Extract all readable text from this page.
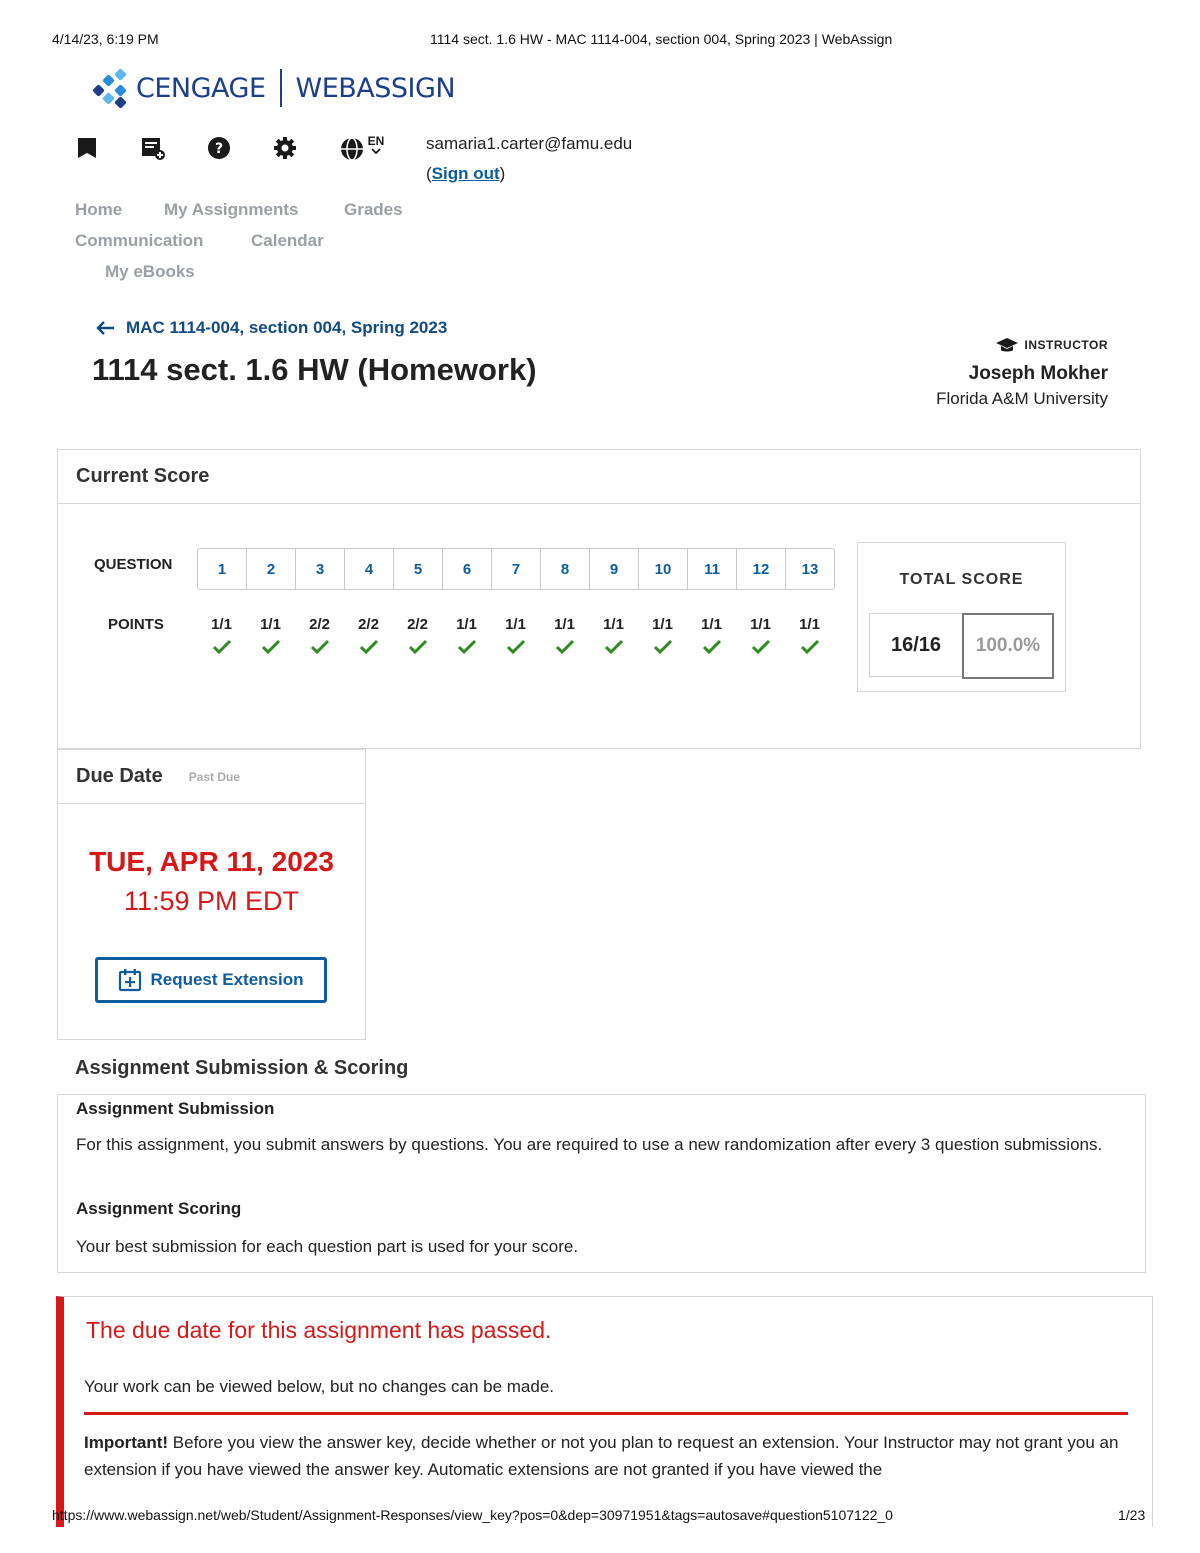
4/14/23, 6:19 PM	1114 sect. 1.6 HW - MAC 1114-004, section 004, Spring 2023 | WebAssign
CENGAGE WEBASSIGN
?	EN samaria1.carter@famu.edu
(Sign out)
Home My Assignments	Grades
Communication	Calendar
My eBooks
MAC 1114-004, section 004, Spring 2023
1114 sect. 1.6 HW (Homework)
INSTRUCTOR
Joseph Mokher
Florida A&M University
Current Score
QUESTION
POINTS
1	2	3	4	5	6	7	8	9	10	11	12	13
1/1	1/1	2/2	2/2	2/2	1/1	1/1	1/1	1/1	1/1	1/1	1/1	1/1
TOTAL SCORE
16/16	100.0%
Due Date Past Due
TUE, APR 11, 2023
11:59 PM EDT
Request Extension
Assignment Submission & Scoring
Assignment Submission
For this assignment, you submit answers by questions. You are required to use a new randomization after every 3 question submissions.
Assignment Scoring
Your best submission for each question part is used for your score.
The due date for this assignment has passed.
Your work can be viewed below, but no changes can be made.
Important! Before you view the answer key, decide whether or not you plan to request an extension. Your Instructor may not grant you an extension if you have viewed the answer key. Automatic extensions are not granted if you have viewed the
https://www.webassign.net/web/Student/Assignment-Responses/view_key?pos=0&dep=30971951&tags=autosave#question5107122_0	1/23
